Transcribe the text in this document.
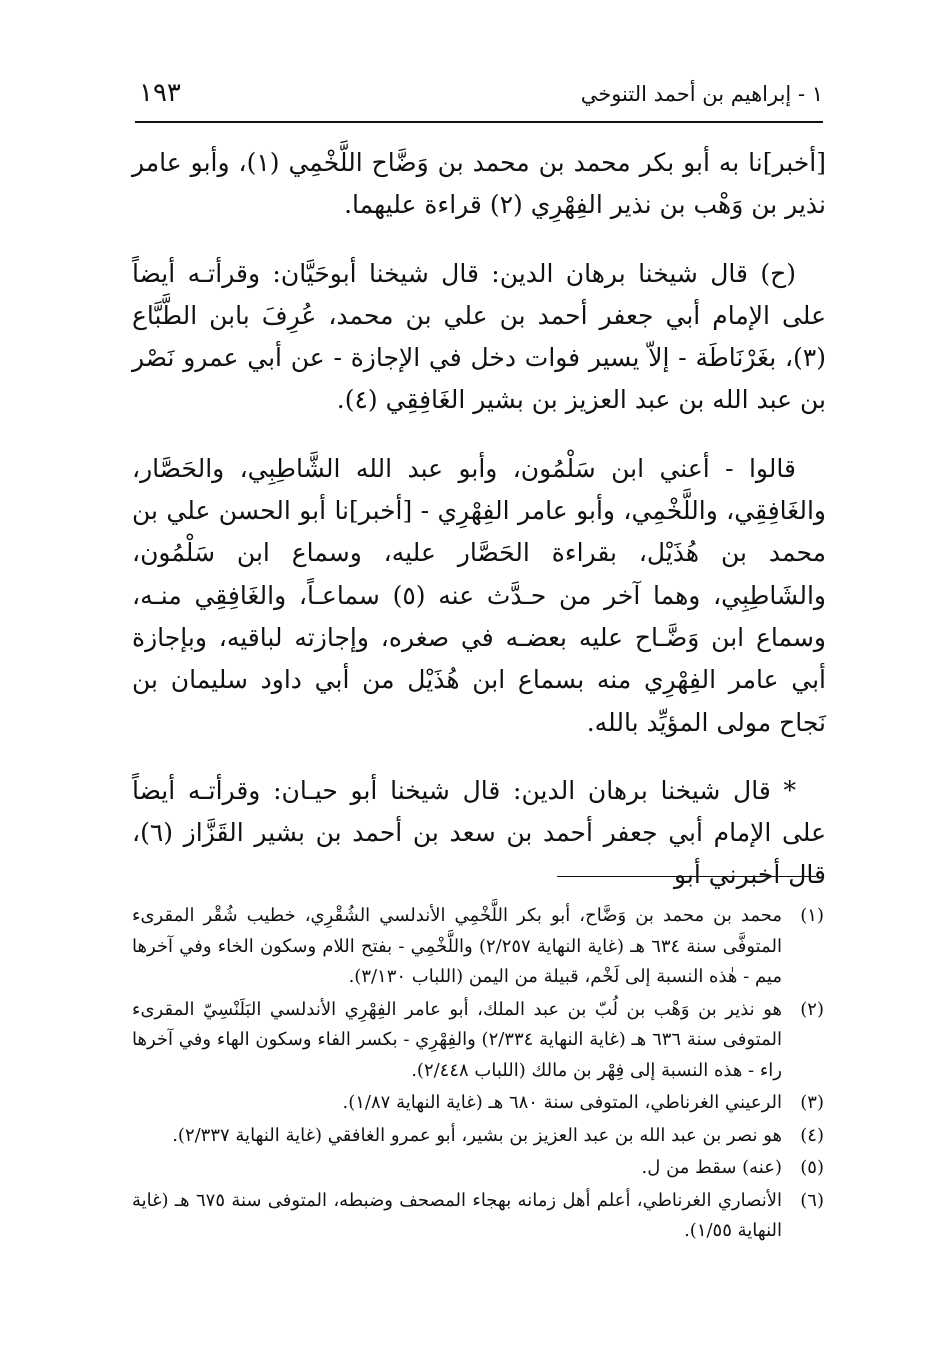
١ - إبراهيم بن أحمد التنوخي
١٩٣

[أخبر]نا به أبو بكر محمد بن محمد بن وَضَّاح اللَّخْمِي (١)، وأبو عامر نذير بن وَهْب بن نذير الفِهْرِي (٢) قراءة عليهما.

(ح) قال شيخنا برهان الدين: قال شيخنا أبوحَيَّان: وقرأتـه أيضاً على الإمام أبي جعفر أحمد بن علي بن محمد، عُرِفَ بابن الطَّبَّاع (٣)، بغَرْنَاطَة - إلاّ يسير فوات دخل في الإجازة - عن أبي عمرو نَصْر بن عبد الله بن عبد العزيز بن بشير الغَافِقِي (٤).

قالوا - أعني ابن سَلْمُون، وأبو عبد الله الشَّاطِبِي، والحَصَّار، والغَافِقِي، واللَّخْمِي، وأبو عامر الفِهْرِي - [أخبر]نا أبو الحسن علي بن محمد بن هُذَيْل، بقراءة الحَصَّار عليه، وسماع ابن سَلْمُون، والشَاطِبِي، وهما آخر من حـدَّث عنه (٥) سماعـاً، والغَافِقِي منـه، وسماع ابن وَضَّـاح عليه بعضـه في صغره، وإجازته لباقيه، وبإجازة أبي عامر الفِهْرِي منه بسماع ابن هُذَيْل من أبي داود سليمان بن نَجاح مولى المؤيِّد بالله.

* قال شيخنا برهان الدين: قال شيخنا أبو حيـان: وقرأتـه أيضاً على الإمام أبي جعفر أحمد بن سعد بن أحمد بن بشير القَزَّاز (٦)، قال أخبرني أبو

(١)
محمد بن محمد بن وَضَّاح، أبو بكر اللَّخْمِي الأندلسي الشُقْرِي، خطيب شُقْر المقرىء المتوفَّى سنة ٦٣٤ هـ (غاية النهاية ٢/٢٥٧) واللَّخْمِي - بفتح اللام وسكون الخاء وفي آخرها ميم - هٰذه النسبة إلى لَخْم، قبيلة من اليمن (اللباب ٣/١٣٠).
(٢)
هو نذير بن وَهْب بن لُبّ بن عبد الملك، أبو عامر الفِهْرِي الأندلسي البَلَنْسِيّ المقرىء المتوفى سنة ٦٣٦ هـ (غاية النهاية ٢/٣٣٤) والفِهْرِي - بكسر الفاء وسكون الهاء وفي آخرها راء - هذه النسبة إلى فِهْر بن مالك (اللباب ٢/٤٤٨).
(٣)
الرعيني الغرناطي، المتوفى سنة ٦٨٠ هـ (غاية النهاية ١/٨٧).
(٤)
هو نصر بن عبد الله بن عبد العزيز بن بشير، أبو عمرو الغافقي (غاية النهاية ٢/٣٣٧).
(٥)
(عنه) سقط من ل.
(٦)
الأنصاري الغرناطي، أعلم أهل زمانه بهجاء المصحف وضبطه، المتوفى سنة ٦٧٥ هـ (غاية النهاية ١/٥٥).
